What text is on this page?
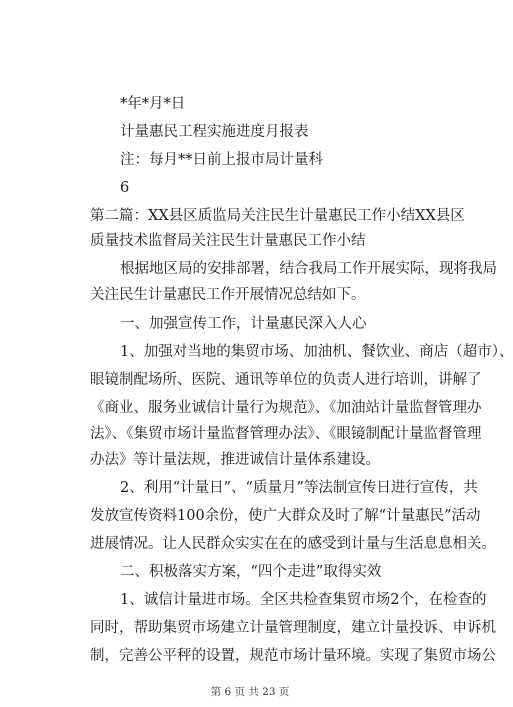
*年*月*日
计量惠民工程实施进度月报表
注：每月**日前上报市局计量科
6
第二篇：XX县区质监局关注民生计量惠民工作小结XX县区
质量技术监督局关注民生计量惠民工作小结
根据地区局的安排部署，结合我局工作开展实际，现将我局
关注民生计量惠民工作开展情况总结如下。
一、加强宣传工作，计量惠民深入人心
1、加强对当地的集贸市场、加油机、餐饮业、商店（超市）、
眼镜制配场所、医院、通讯等单位的负责人进行培训，讲解了
《商业、服务业诚信计量行为规范》、《加油站计量监督管理办
法》、《集贸市场计量监督管理办法》、《眼镜制配计量监督管理
办法》等计量法规，推进诚信计量体系建设。
2、利用“计量日”、“质量月”等法制宣传日进行宣传，共
发放宣传资料100余份，使广大群众及时了解“计量惠民”活动
进展情况。让人民群众实实在在的感受到计量与生活息息相关。
二、积极落实方案，“四个走进”取得实效
1、诚信计量进市场。全区共检查集贸市场2个，在检查的
同时，帮助集贸市场建立计量管理制度，建立计量投诉、申诉机
制，完善公平秤的设置，规范市场计量环境。实现了集贸市场公
第 6 页 共 23 页
